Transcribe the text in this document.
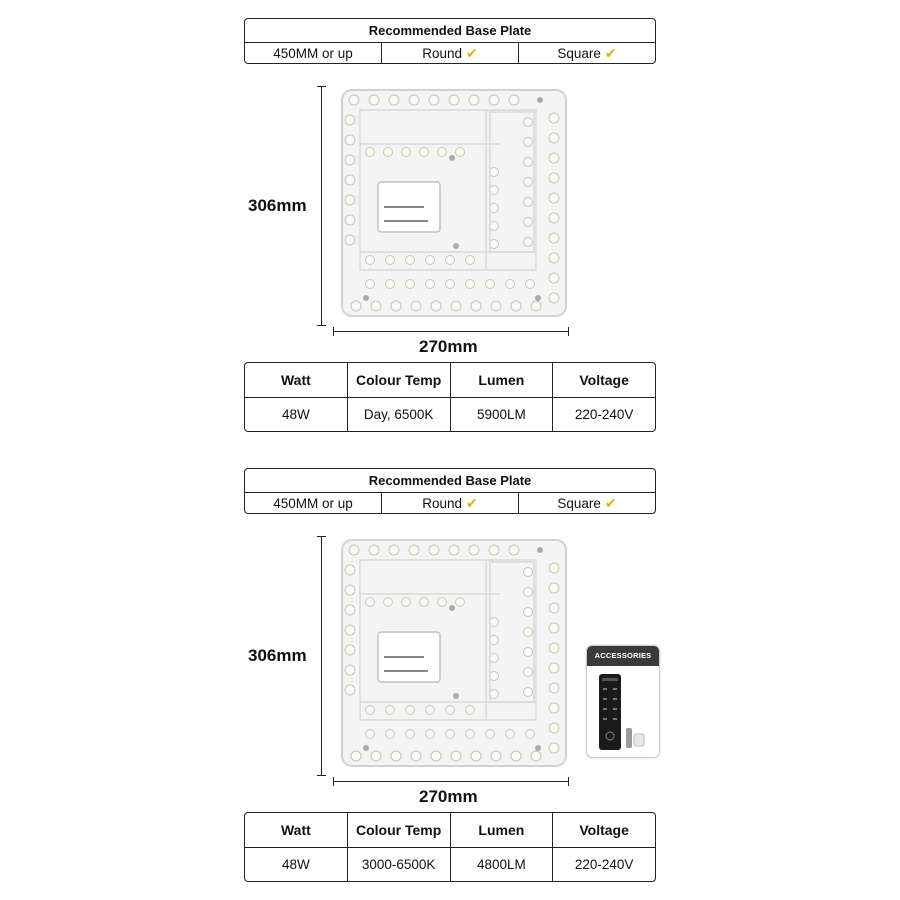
Recommended Base Plate
450MM or up	Round ✔	Square ✔
306mm
270mm
Watt	Colour Temp	Lumen	Voltage
48W	Day, 6500K	5900LM	220-240V
Recommended Base Plate
450MM or up	Round ✔	Square ✔
306mm
270mm
ACCESSORIES
Watt	Colour Temp	Lumen	Voltage
48W	3000-6500K	4800LM	220-240V
